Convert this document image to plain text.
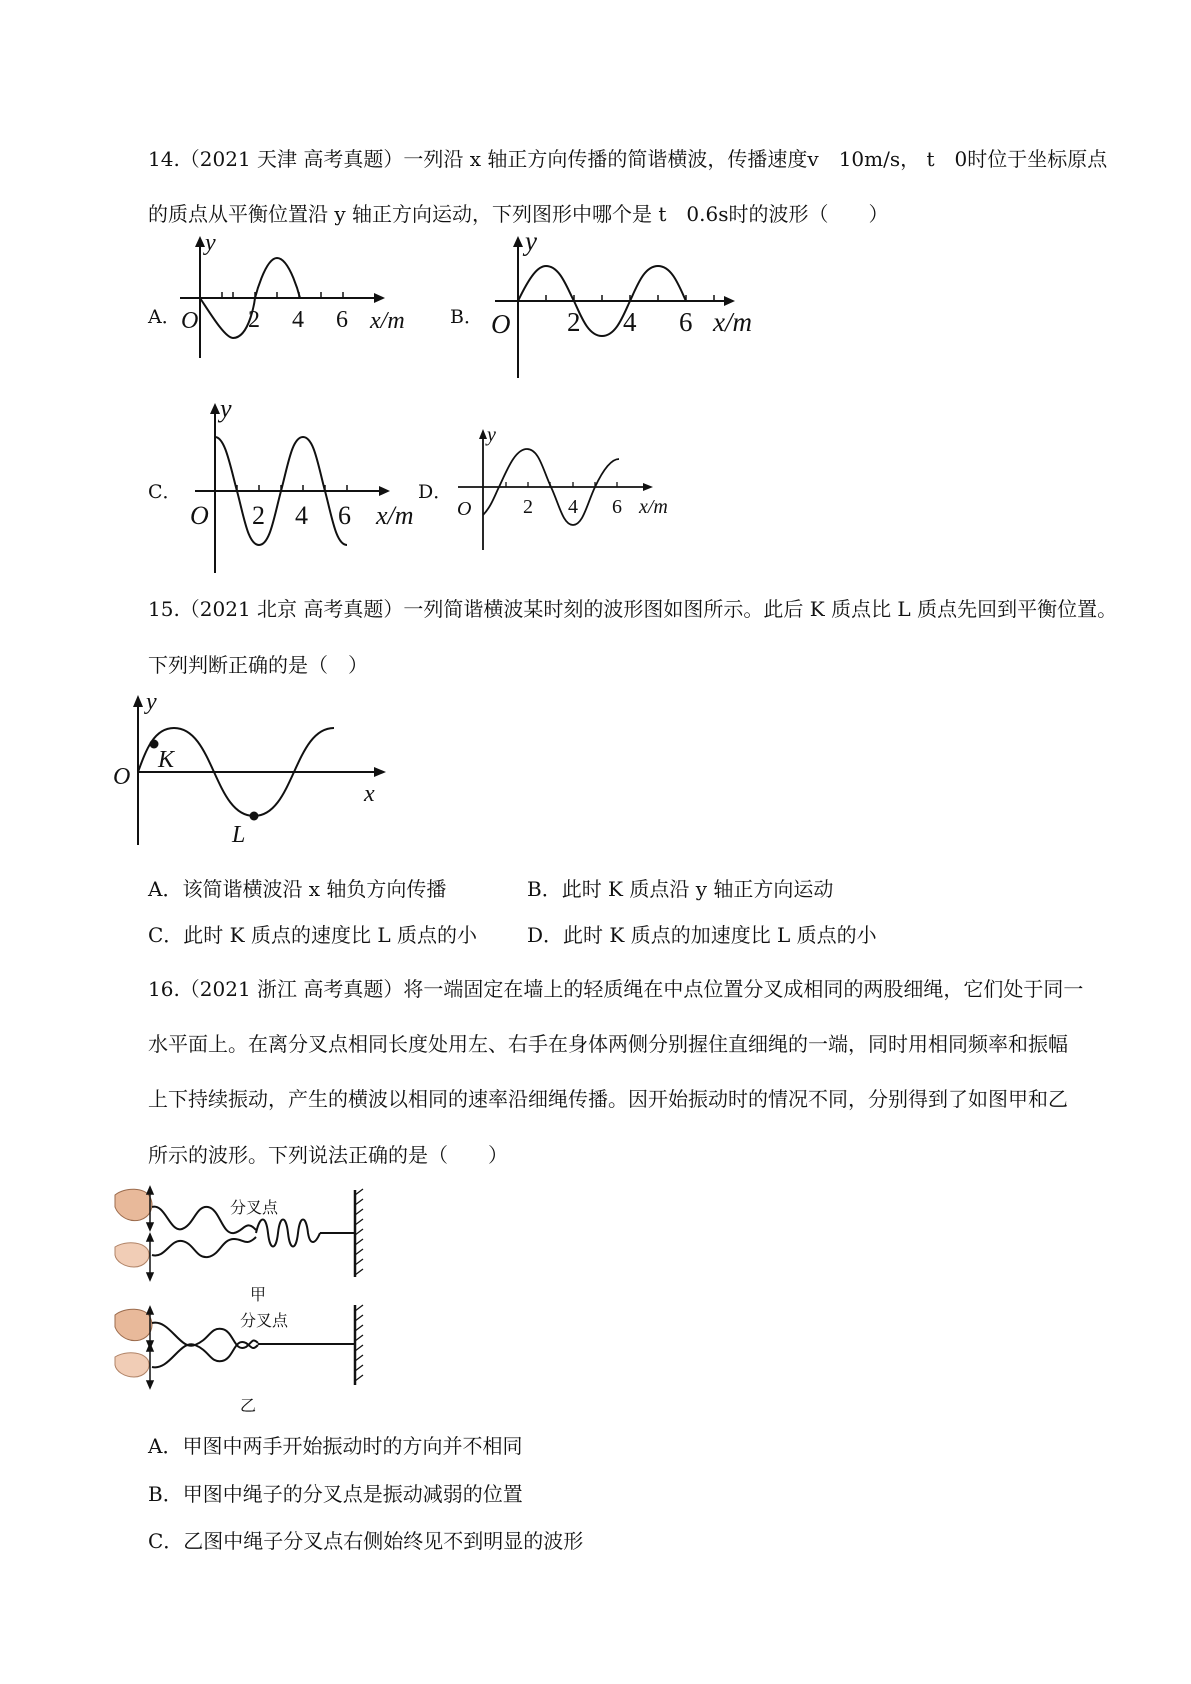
14.（2021 天津 高考真题）一列沿 x 轴正方向传播的简谐横波，传播速度v　10m/s， t　0时位于坐标原点
的质点从平衡位置沿 y 轴正方向运动，下列图形中哪个是 t　0.6s时的波形（　　）
A． O
y
2 4 6 x/m B． O
y
2 4 6 x/m
C．
O
y
2 4 6 x/m
D．
O
y
2 4 6 x/m
15.（2021 北京 高考真题）一列简谐横波某时刻的波形图如图所示。此后 K 质点比 L 质点先回到平衡位置。
下列判断正确的是（　）
y
O
x
K
L
A．该简谐横波沿 x 轴负方向传播	B．此时 K 质点沿 y 轴正方向运动
C．此时 K 质点的速度比 L 质点的小	D．此时 K 质点的加速度比 L 质点的小
16.（2021 浙江 高考真题）将一端固定在墙上的轻质绳在中点位置分叉成相同的两股细绳，它们处于同一
水平面上。在离分叉点相同长度处用左、右手在身体两侧分别握住直细绳的一端，同时用相同频率和振幅
上下持续振动，产生的横波以相同的速率沿细绳传播。因开始振动时的情况不同，分别得到了如图甲和乙
所示的波形。下列说法正确的是（　　）
分叉点
甲
分叉点
乙
A．甲图中两手开始振动时的方向并不相同
B．甲图中绳子的分叉点是振动减弱的位置
C．乙图中绳子分叉点右侧始终见不到明显的波形
